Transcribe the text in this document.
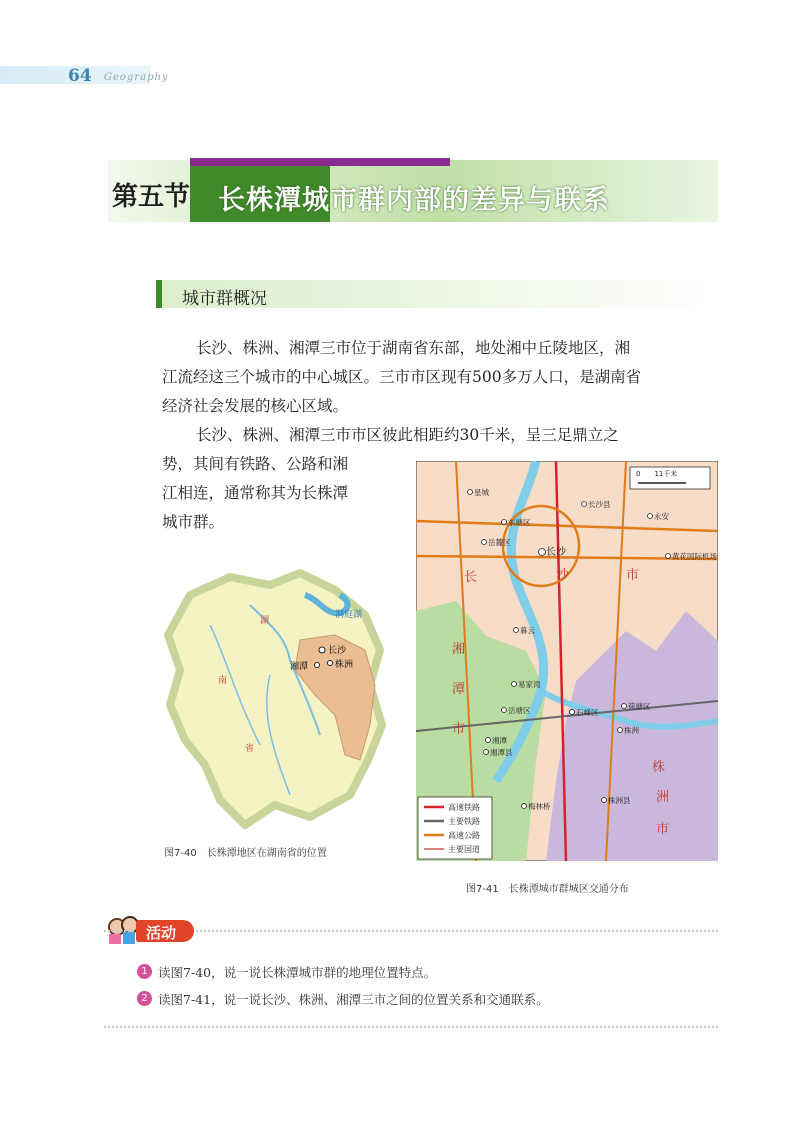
64 Geography
第五节 长株潭城市群内部的差异与联系
城市群概况
长沙、株洲、湘潭三市位于湖南省东部，地处湘中丘陵地区，湘
江流经这三个城市的中心城区。三市市区现有500多万人口，是湖南省
经济社会发展的核心区域。
长沙、株洲、湘潭三市市区彼此相距约30千米，呈三足鼎立之
势，其间有铁路、公路和湘
江相连，通常称其为长株潭
城市群。
湖
南
省
洞庭湖
长沙
株洲
湘潭
图7-40　长株潭地区在湖南省的位置
0　　11千米
星城
长沙县
永安
东塘区
岳麓区
长沙	黄花国际机场
暮云
易家湾
岳塘区	石峰区
荷塘区
湘潭
株洲
湘潭县
株洲县
梅林桥
长	沙	市
湘
潭
市
株
洲
市
高速铁路
主要铁路
高速公路
主要国道
图7-41　长株潭城市群城区交通分布
活动
1 读图7-40，说一说长株潭城市群的地理位置特点。
2 读图7-41，说一说长沙、株洲、湘潭三市之间的位置关系和交通联系。
